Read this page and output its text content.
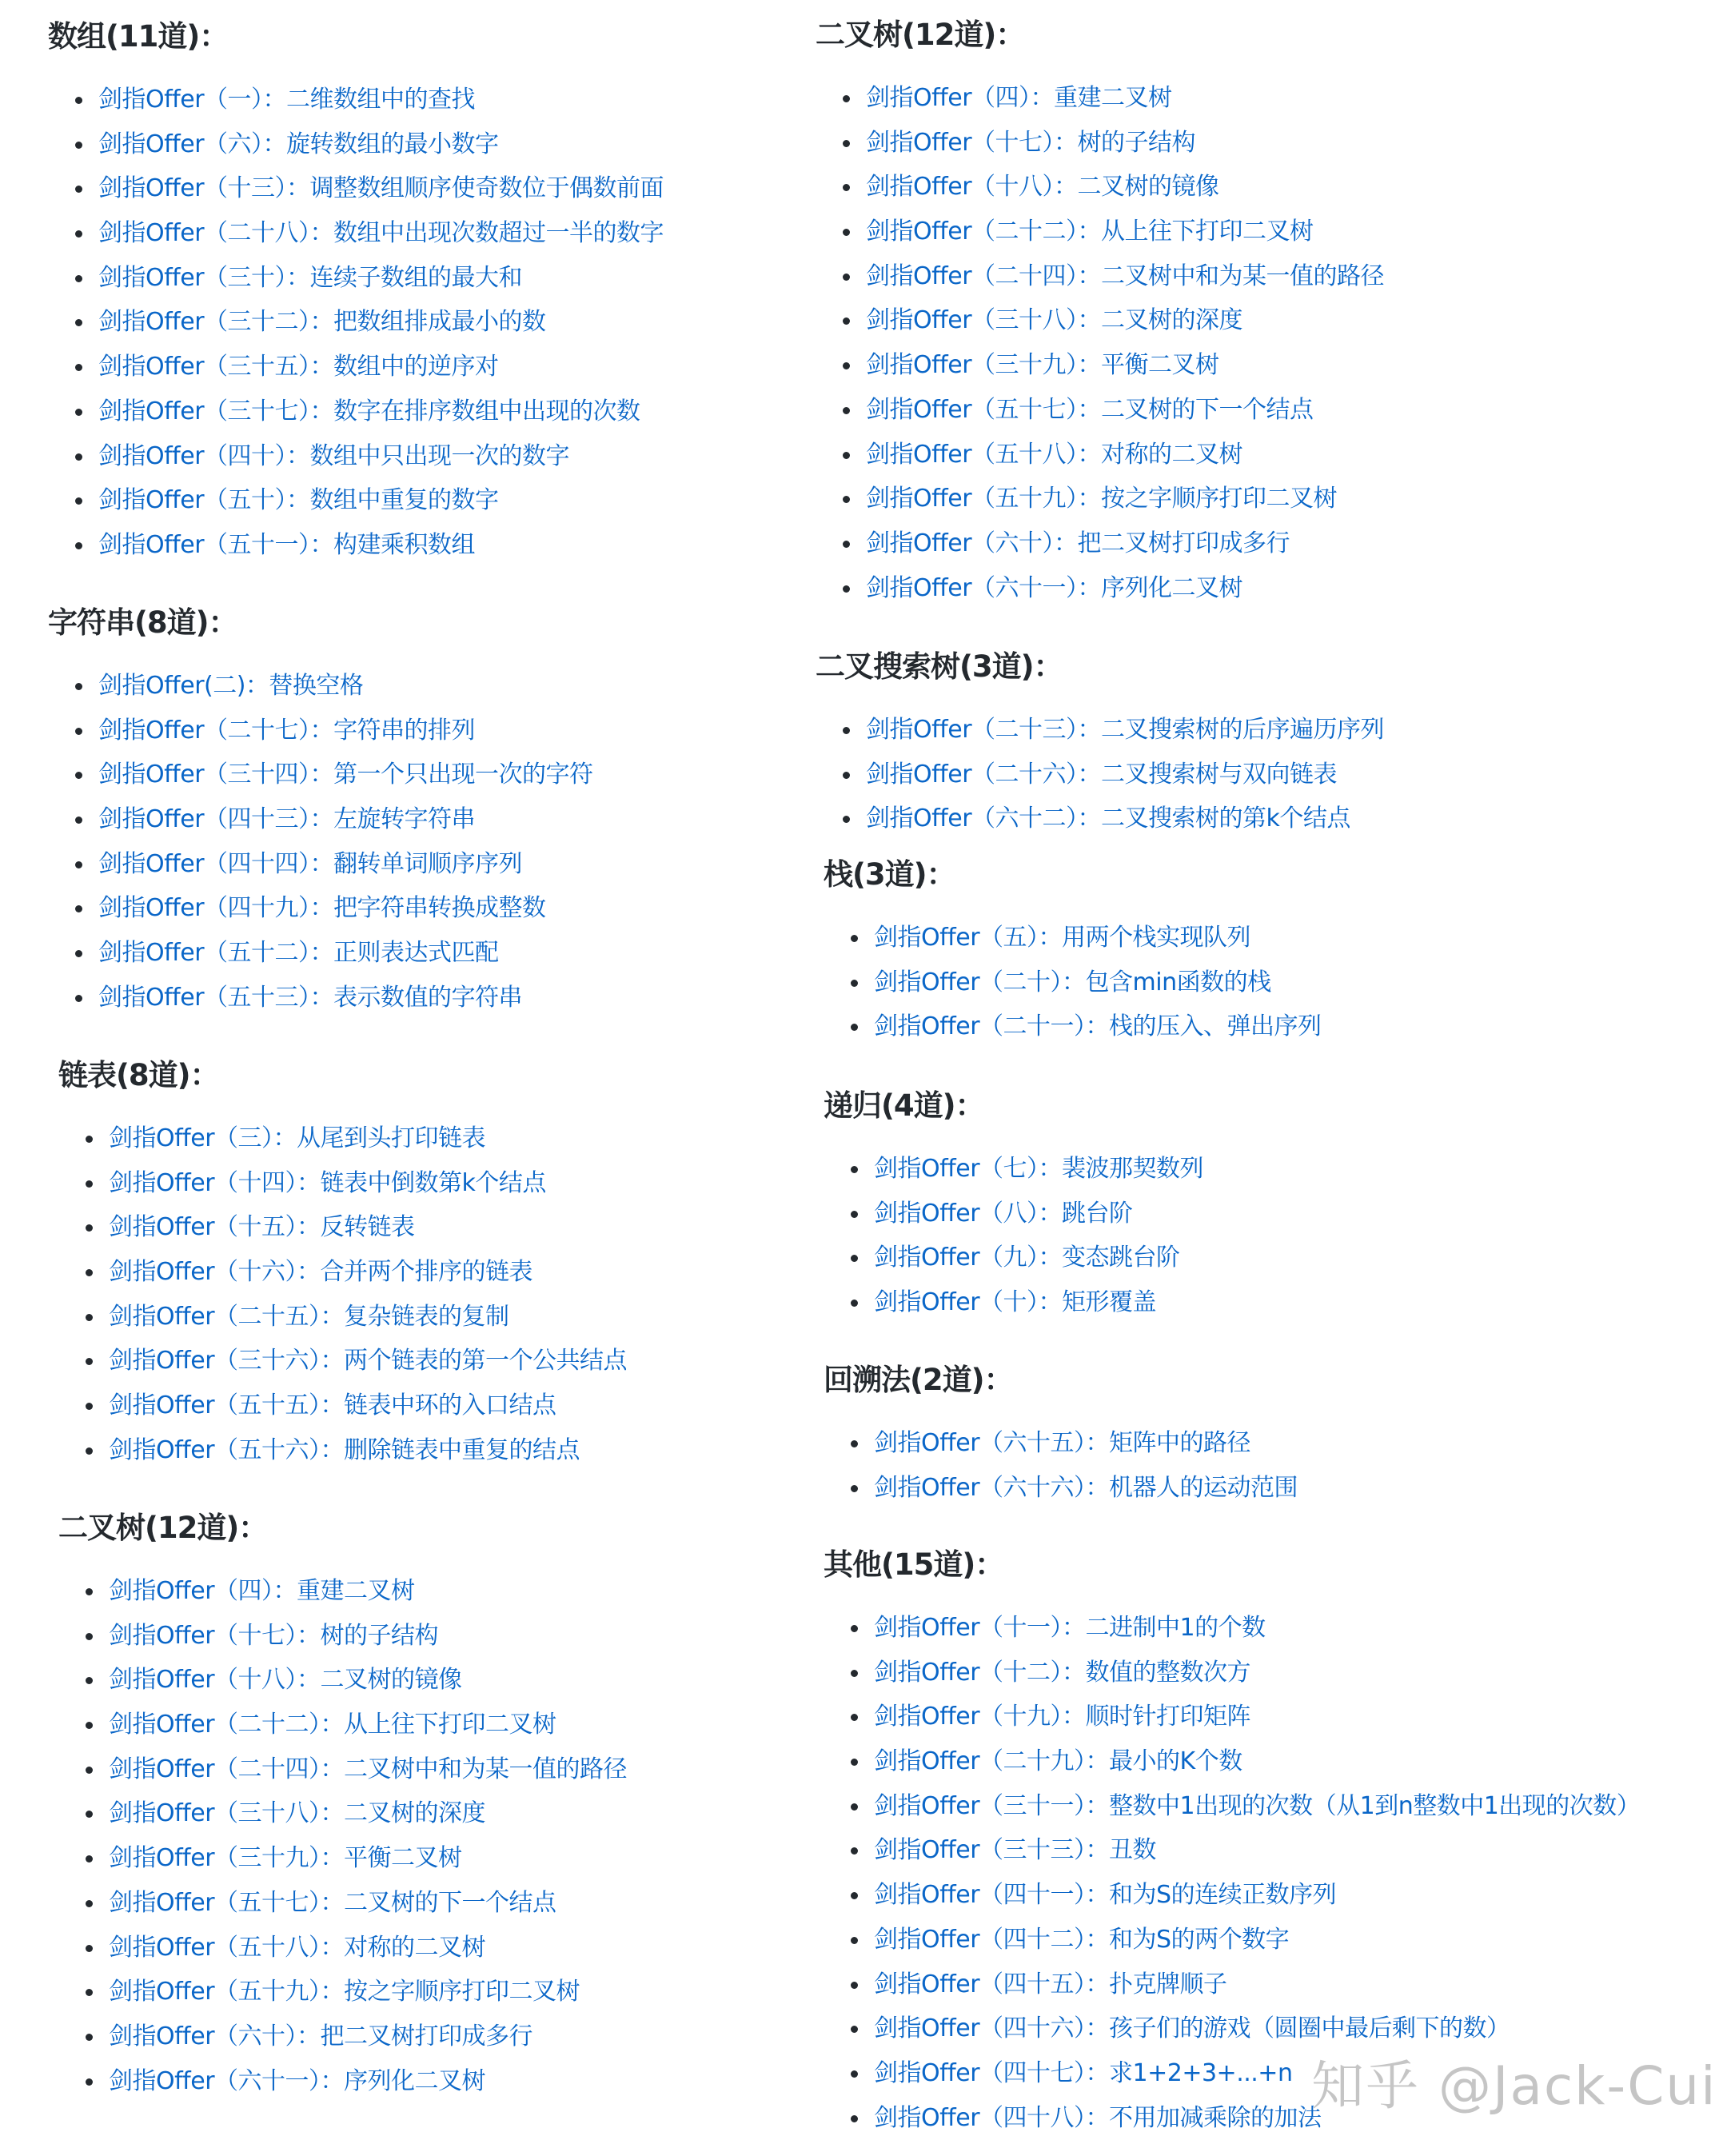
数组(11道)：
剑指Offer（一）：二维数组中的查找
剑指Offer（六）：旋转数组的最小数字
剑指Offer（十三）：调整数组顺序使奇数位于偶数前面
剑指Offer（二十八）：数组中出现次数超过一半的数字
剑指Offer（三十）：连续子数组的最大和
剑指Offer（三十二）：把数组排成最小的数
剑指Offer（三十五）：数组中的逆序对
剑指Offer（三十七）：数字在排序数组中出现的次数
剑指Offer（四十）：数组中只出现一次的数字
剑指Offer（五十）：数组中重复的数字
剑指Offer（五十一）：构建乘积数组
字符串(8道)：
剑指Offer(二)：替换空格
剑指Offer（二十七）：字符串的排列
剑指Offer（三十四）：第一个只出现一次的字符
剑指Offer（四十三）：左旋转字符串
剑指Offer（四十四）：翻转单词顺序序列
剑指Offer（四十九）：把字符串转换成整数
剑指Offer（五十二）：正则表达式匹配
剑指Offer（五十三）：表示数值的字符串
链表(8道)：
剑指Offer（三）：从尾到头打印链表
剑指Offer（十四）：链表中倒数第k个结点
剑指Offer（十五）：反转链表
剑指Offer（十六）：合并两个排序的链表
剑指Offer（二十五）：复杂链表的复制
剑指Offer（三十六）：两个链表的第一个公共结点
剑指Offer（五十五）：链表中环的入口结点
剑指Offer（五十六）：删除链表中重复的结点
二叉树(12道)：
剑指Offer（四）：重建二叉树
剑指Offer（十七）：树的子结构
剑指Offer（十八）：二叉树的镜像
剑指Offer（二十二）：从上往下打印二叉树
剑指Offer（二十四）：二叉树中和为某一值的路径
剑指Offer（三十八）：二叉树的深度
剑指Offer（三十九）：平衡二叉树
剑指Offer（五十七）：二叉树的下一个结点
剑指Offer（五十八）：对称的二叉树
剑指Offer（五十九）：按之字顺序打印二叉树
剑指Offer（六十）：把二叉树打印成多行
剑指Offer（六十一）：序列化二叉树
二叉树(12道)：
剑指Offer（四）：重建二叉树
剑指Offer（十七）：树的子结构
剑指Offer（十八）：二叉树的镜像
剑指Offer（二十二）：从上往下打印二叉树
剑指Offer（二十四）：二叉树中和为某一值的路径
剑指Offer（三十八）：二叉树的深度
剑指Offer（三十九）：平衡二叉树
剑指Offer（五十七）：二叉树的下一个结点
剑指Offer（五十八）：对称的二叉树
剑指Offer（五十九）：按之字顺序打印二叉树
剑指Offer（六十）：把二叉树打印成多行
剑指Offer（六十一）：序列化二叉树
二叉搜索树(3道)：
剑指Offer（二十三）：二叉搜索树的后序遍历序列
剑指Offer（二十六）：二叉搜索树与双向链表
剑指Offer（六十二）：二叉搜索树的第k个结点
栈(3道)：
剑指Offer（五）：用两个栈实现队列
剑指Offer（二十）：包含min函数的栈
剑指Offer（二十一）：栈的压入、弹出序列
递归(4道)：
剑指Offer（七）：裴波那契数列
剑指Offer（八）：跳台阶
剑指Offer（九）：变态跳台阶
剑指Offer（十）：矩形覆盖
回溯法(2道)：
剑指Offer（六十五）：矩阵中的路径
剑指Offer（六十六）：机器人的运动范围
其他(15道)：
剑指Offer（十一）：二进制中1的个数
剑指Offer（十二）：数值的整数次方
剑指Offer（十九）：顺时针打印矩阵
剑指Offer（二十九）：最小的K个数
剑指Offer（三十一）：整数中1出现的次数（从1到n整数中1出现的次数）
剑指Offer（三十三）：丑数
剑指Offer（四十一）：和为S的连续正数序列
剑指Offer（四十二）：和为S的两个数字
剑指Offer（四十五）：扑克牌顺子
剑指Offer（四十六）：孩子们的游戏（圆圈中最后剩下的数）
剑指Offer（四十七）：求1+2+3+...+n
剑指Offer（四十八）：不用加减乘除的加法
知乎 @Jack-Cui
